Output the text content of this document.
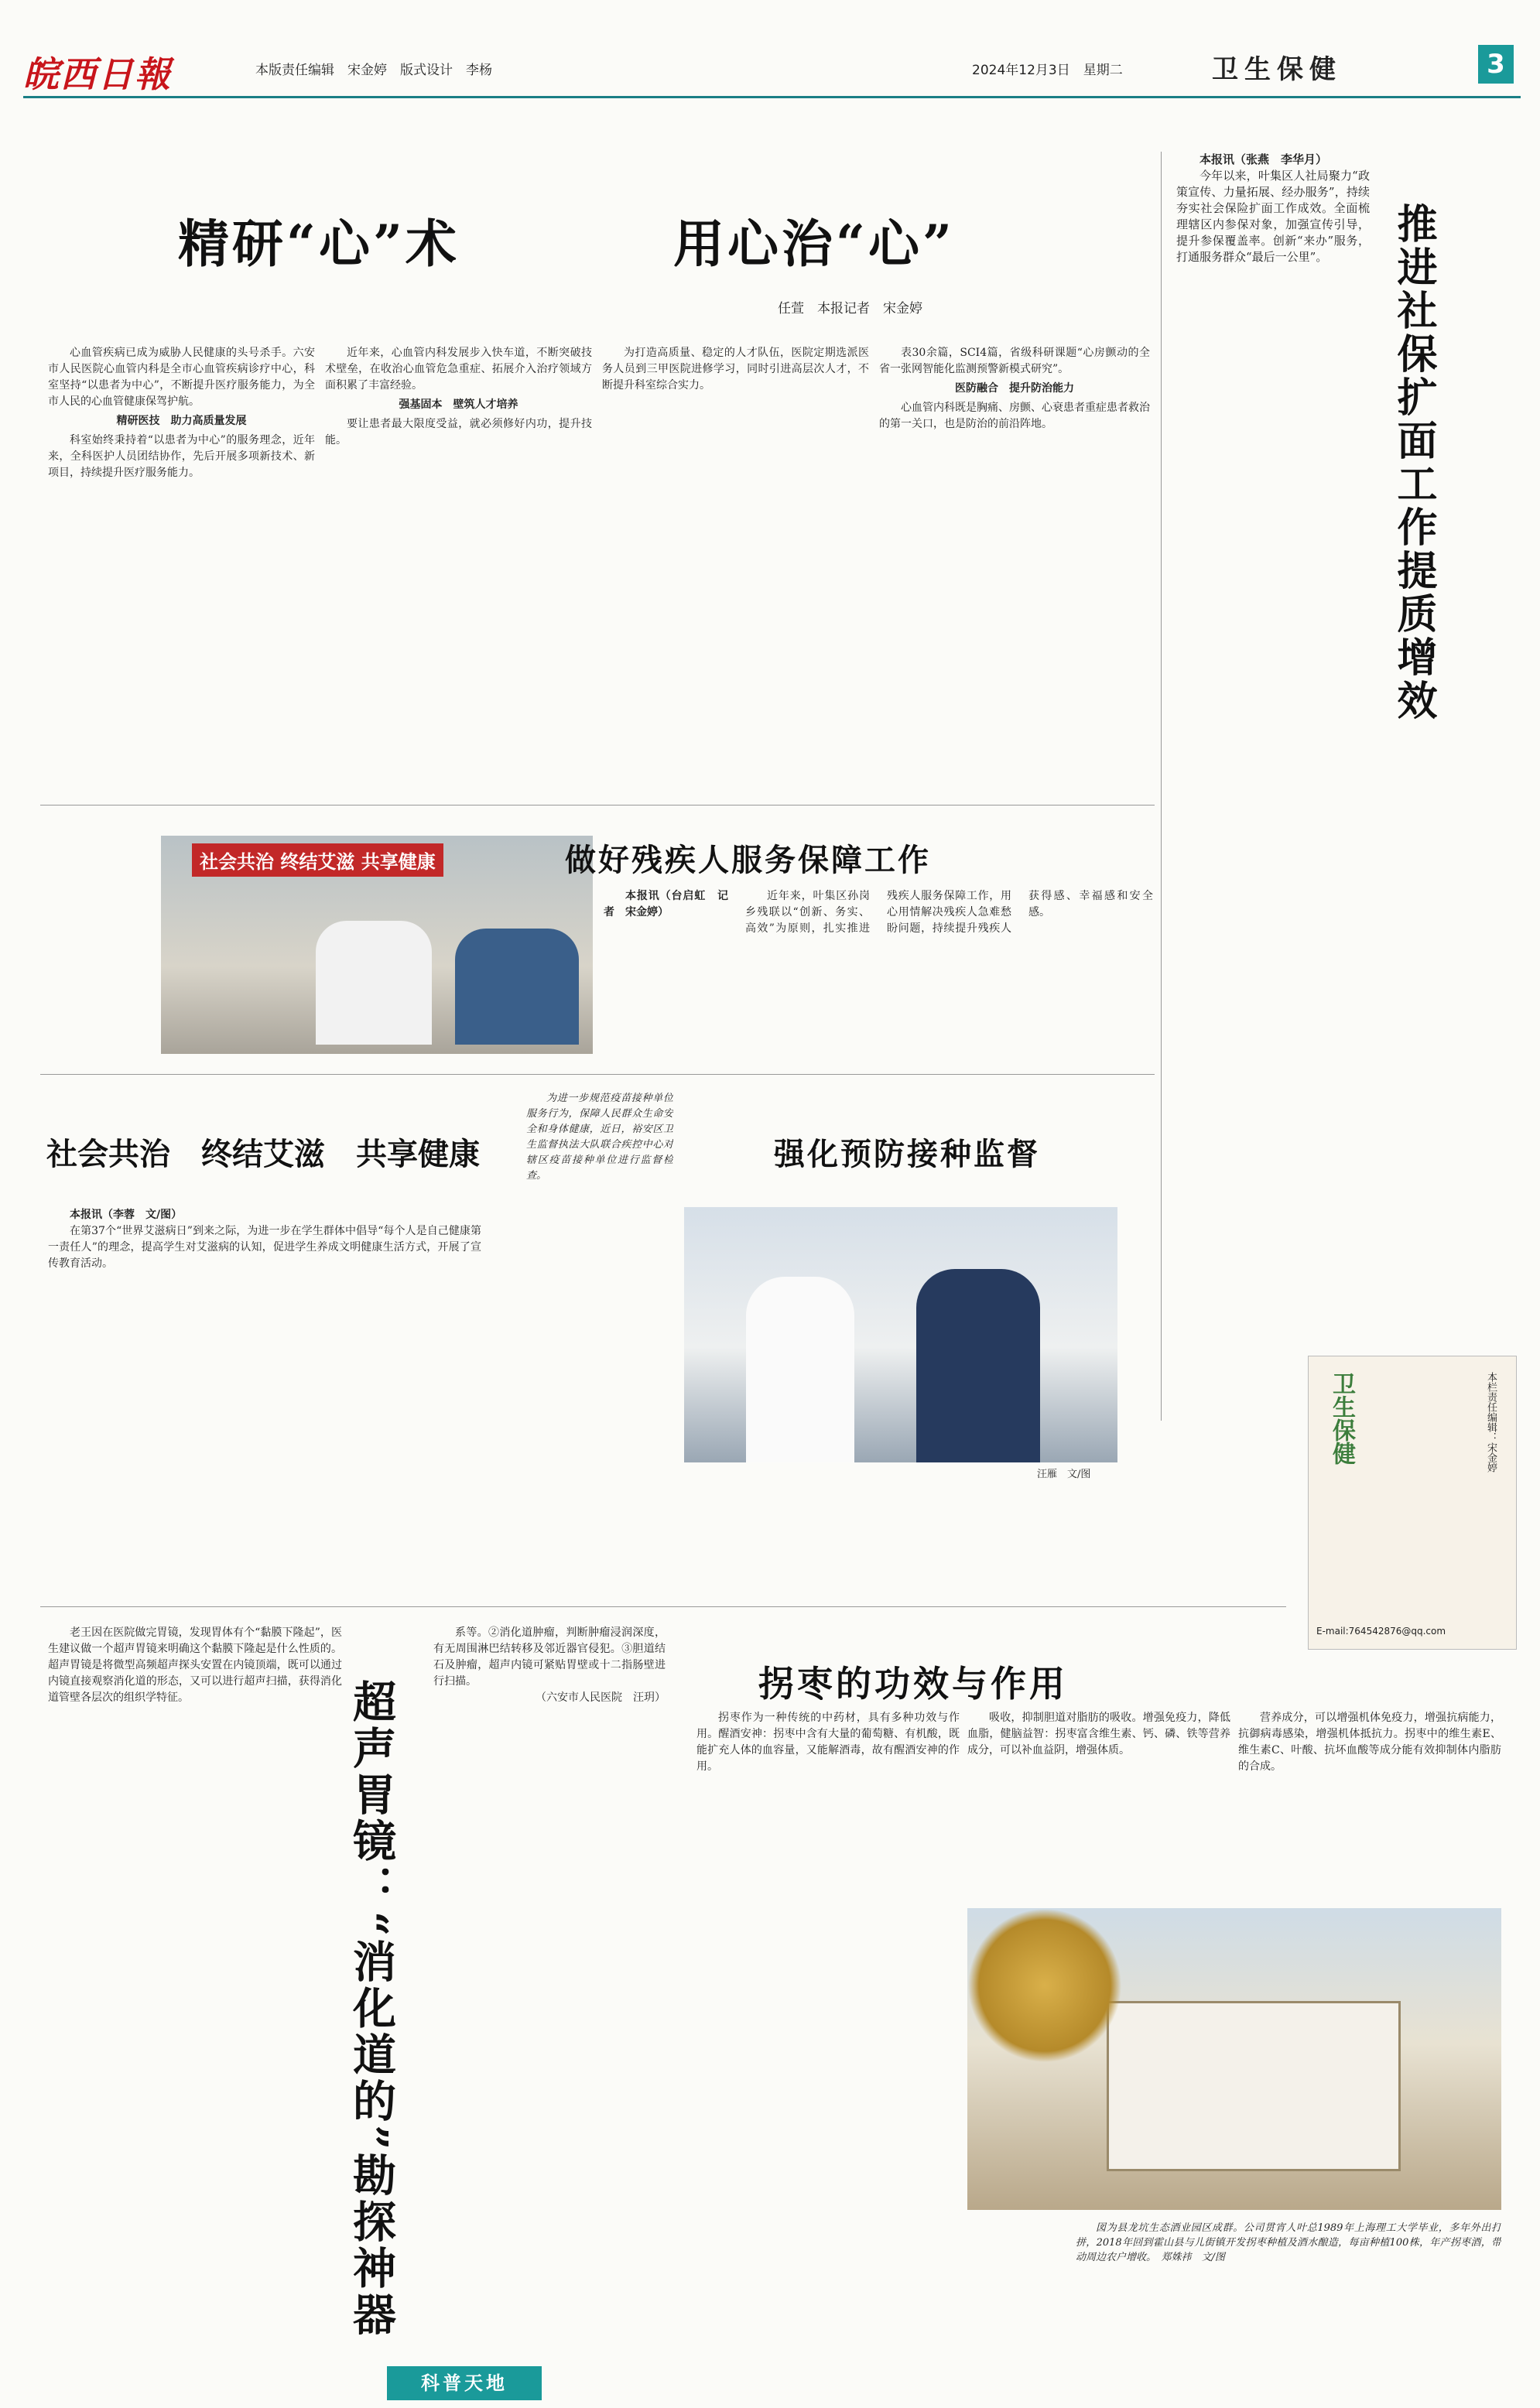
皖西日報	本版责任编辑　宋金婷　版式设计　李杨	2024年12月3日　星期二	卫生保健	3
精研“心”术	用心治“心”
任萱　本报记者　宋金婷

心血管疾病已成为威胁人民健康的头号杀手。六安市人民医院心血管内科是全市心血管疾病诊疗中心，科室坚持“以患者为中心”，不断提升医疗服务能力，为全市人民的心血管健康保驾护航。

精研医技　助力高质量发展

科室始终秉持着“以患者为中心”的服务理念，近年来，全科医护人员团结协作，先后开展多项新技术、新项目，持续提升医疗服务能力。

近年来，心血管内科发展步入快车道，不断突破技术壁垒，在收治心血管危急重症、拓展介入治疗领域方面积累了丰富经验。

强基固本　壁筑人才培养

要让患者最大限度受益，就必须修好内功，提升技能。

为打造高质量、稳定的人才队伍，医院定期选派医务人员到三甲医院进修学习，同时引进高层次人才，不断提升科室综合实力。

表30余篇，SCI4篇，省级科研课题“心房颤动的全省一张网智能化监测预警新模式研究”。

医防融合　提升防治能力

心血管内科既是胸痛、房颤、心衰患者重症患者救治的第一关口，也是防治的前沿阵地。

本报讯（张燕　李华月）

今年以来，叶集区人社局聚力“政策宣传、力量拓展、经办服务”，持续夯实社会保险扩面工作成效。全面梳理辖区内参保对象，加强宣传引导，提升参保覆盖率。创新“来办”服务，打通服务群众“最后一公里”。	推进社保扩面工作提质增效
社会共治 终结艾滋 共享健康	做好残疾人服务保障工作

本报讯（台启虹　记者　宋金婷）

近年来，叶集区孙岗乡残联以“创新、务实、高效”为原则，扎实推进残疾人服务保障工作，用心用情解决残疾人急难愁盼问题，持续提升残疾人获得感、幸福感和安全感。

社会共治　终结艾滋　共享健康

本报讯（李蓉　文/图）

在第37个“世界艾滋病日”到来之际，为进一步在学生群体中倡导“每个人是自己健康第一责任人”的理念，提高学生对艾滋病的认知，促进学生养成文明健康生活方式，开展了宣传教育活动。

为进一步规范疫苗接种单位服务行为，保障人民群众生命安全和身体健康，近日，裕安区卫生监督执法大队联合疾控中心对辖区疫苗接种单位进行监督检查。

强化预防接种监督
汪雁　文/图
卫生保健	本栏责任编辑：宋金婷
E-mail:764542876@qq.com

老王因在医院做完胃镜，发现胃体有个“黏膜下隆起”，医生建议做一个超声胃镜来明确这个黏膜下隆起是什么性质的。超声胃镜是将微型高频超声探头安置在内镜顶端，既可以通过内镜直接观察消化道的形态，又可以进行超声扫描，获得消化道管壁各层次的组织学特征。	超声胃镜：“消化道的”勘探神器

系等。②消化道肿瘤，判断肿瘤浸润深度，有无周围淋巴结转移及邻近器官侵犯。③胆道结石及肿瘤，超声内镜可紧贴胃壁或十二指肠壁进行扫描。

（六安市人民医院　汪玥）

科普天地
拐枣的功效与作用

拐枣作为一种传统的中药材，具有多种功效与作用。醒酒安神：拐枣中含有大量的葡萄糖、有机酸，既能扩充人体的血容量，又能解酒毒，故有醒酒安神的作用。

吸收，抑制胆道对脂肪的吸收。增强免疫力，降低血脂，健脑益智：拐枣富含维生素、钙、磷、铁等营养成分，可以补血益阴，增强体质。

营养成分，可以增强机体免疫力，增强抗病能力，抗御病毒感染，增强机体抵抗力。拐枣中的维生素E、维生素C、叶酸、抗坏血酸等成分能有效抑制体内脂肪的合成。

図为县龙坑生态酒业园区成群。公司贯宵人叶总1989年上海理工大学毕业，多年外出打拼，2018年回到霍山县与儿街镇开发拐枣种植及酒水酿造，每亩种植100株，年产拐枣酒，带动周边农户增收。　郑姝祎　文/图
